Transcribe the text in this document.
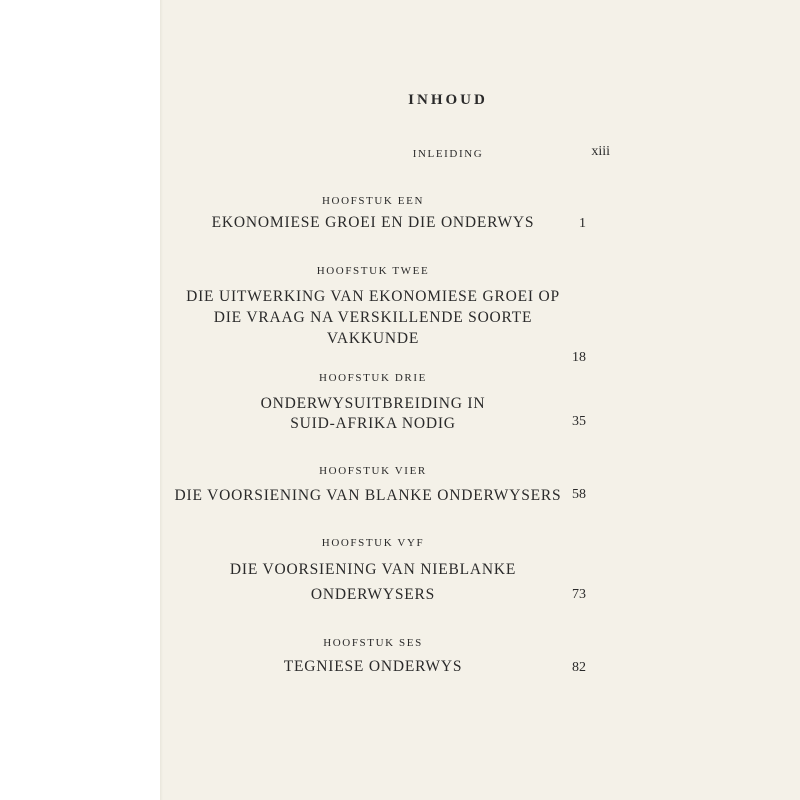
INHOUD
INLEIDING	xiii
HOOFSTUK EEN
EKONOMIESE GROEI EN DIE ONDERWYS	1
HOOFSTUK TWEE
DIE UITWERKING VAN EKONOMIESE GROEI OP
DIE VRAAG NA VERSKILLENDE SOORTE
VAKKUNDE
18
HOOFSTUK DRIE
ONDERWYSUITBREIDING IN
SUID-AFRIKA NODIG	35
HOOFSTUK VIER
DIE VOORSIENING VAN BLANKE ONDERWYSERS 58
HOOFSTUK VYF
DIE VOORSIENING VAN NIEBLANKE
ONDERWYSERS	73
HOOFSTUK SES
TEGNIESE ONDERWYS	82
